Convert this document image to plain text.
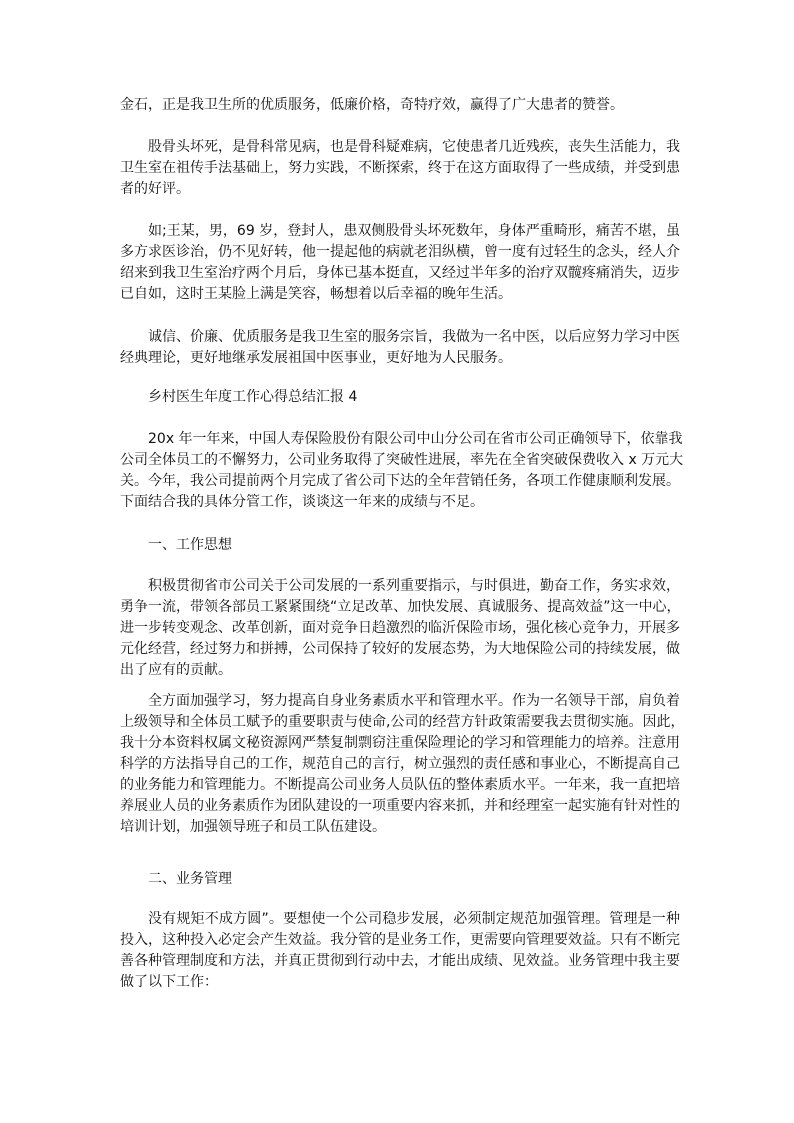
金石，正是我卫生所的优质服务，低廉价格，奇特疗效，赢得了广大患者的赞誉。
股骨头坏死，是骨科常见病，也是骨科疑难病，它使患者几近残疾，丧失生活能力，我
卫生室在祖传手法基础上，努力实践，不断探索，终于在这方面取得了一些成绩，并受到患
者的好评。
如;王某，男，69 岁，登封人，患双侧股骨头坏死数年，身体严重畸形，痛苦不堪，虽
多方求医诊治，仍不见好转，他一提起他的病就老泪纵横，曾一度有过轻生的念头，经人介
绍来到我卫生室治疗两个月后，身体已基本挺直，又经过半年多的治疗双髋疼痛消失，迈步
已自如，这时王某脸上满是笑容，畅想着以后幸福的晚年生活。
诚信、价廉、优质服务是我卫生室的服务宗旨，我做为一名中医，以后应努力学习中医
经典理论，更好地继承发展祖国中医事业，更好地为人民服务。
乡村医生年度工作心得总结汇报 4
20x 年一年来，中国人寿保险股份有限公司中山分公司在省市公司正确领导下，依靠我
公司全体员工的不懈努力，公司业务取得了突破性进展，率先在全省突破保费收入 x 万元大
关。今年，我公司提前两个月完成了省公司下达的全年营销任务，各项工作健康顺利发展。
下面结合我的具体分管工作，谈谈这一年来的成绩与不足。
一、工作思想
积极贯彻省市公司关于公司发展的一系列重要指示，与时俱进，勤奋工作，务实求效，
勇争一流，带领各部员工紧紧围绕“立足改革、加快发展、真诚服务、提高效益”这一中心，
进一步转变观念、改革创新，面对竞争日趋激烈的临沂保险市场，强化核心竞争力，开展多
元化经营，经过努力和拼搏，公司保持了较好的发展态势，为大地保险公司的持续发展，做
出了应有的贡献。
全方面加强学习，努力提高自身业务素质水平和管理水平。作为一名领导干部，肩负着
上级领导和全体员工赋予的重要职责与使命,公司的经营方针政策需要我去贯彻实施。因此，
我十分本资料权属文秘资源网严禁复制剽窃注重保险理论的学习和管理能力的培养。注意用
科学的方法指导自己的工作，规范自己的言行，树立强烈的责任感和事业心，不断提高自己
的业务能力和管理能力。不断提高公司业务人员队伍的整体素质水平。一年来，我一直把培
养展业人员的业务素质作为团队建设的一项重要内容来抓，并和经理室一起实施有针对性的
培训计划，加强领导班子和员工队伍建设。
二、业务管理
没有规矩不成方圆”。要想使一个公司稳步发展，必须制定规范加强管理。管理是一种
投入，这种投入必定会产生效益。我分管的是业务工作，更需要向管理要效益。只有不断完
善各种管理制度和方法，并真正贯彻到行动中去，才能出成绩、见效益。业务管理中我主要
做了以下工作：
